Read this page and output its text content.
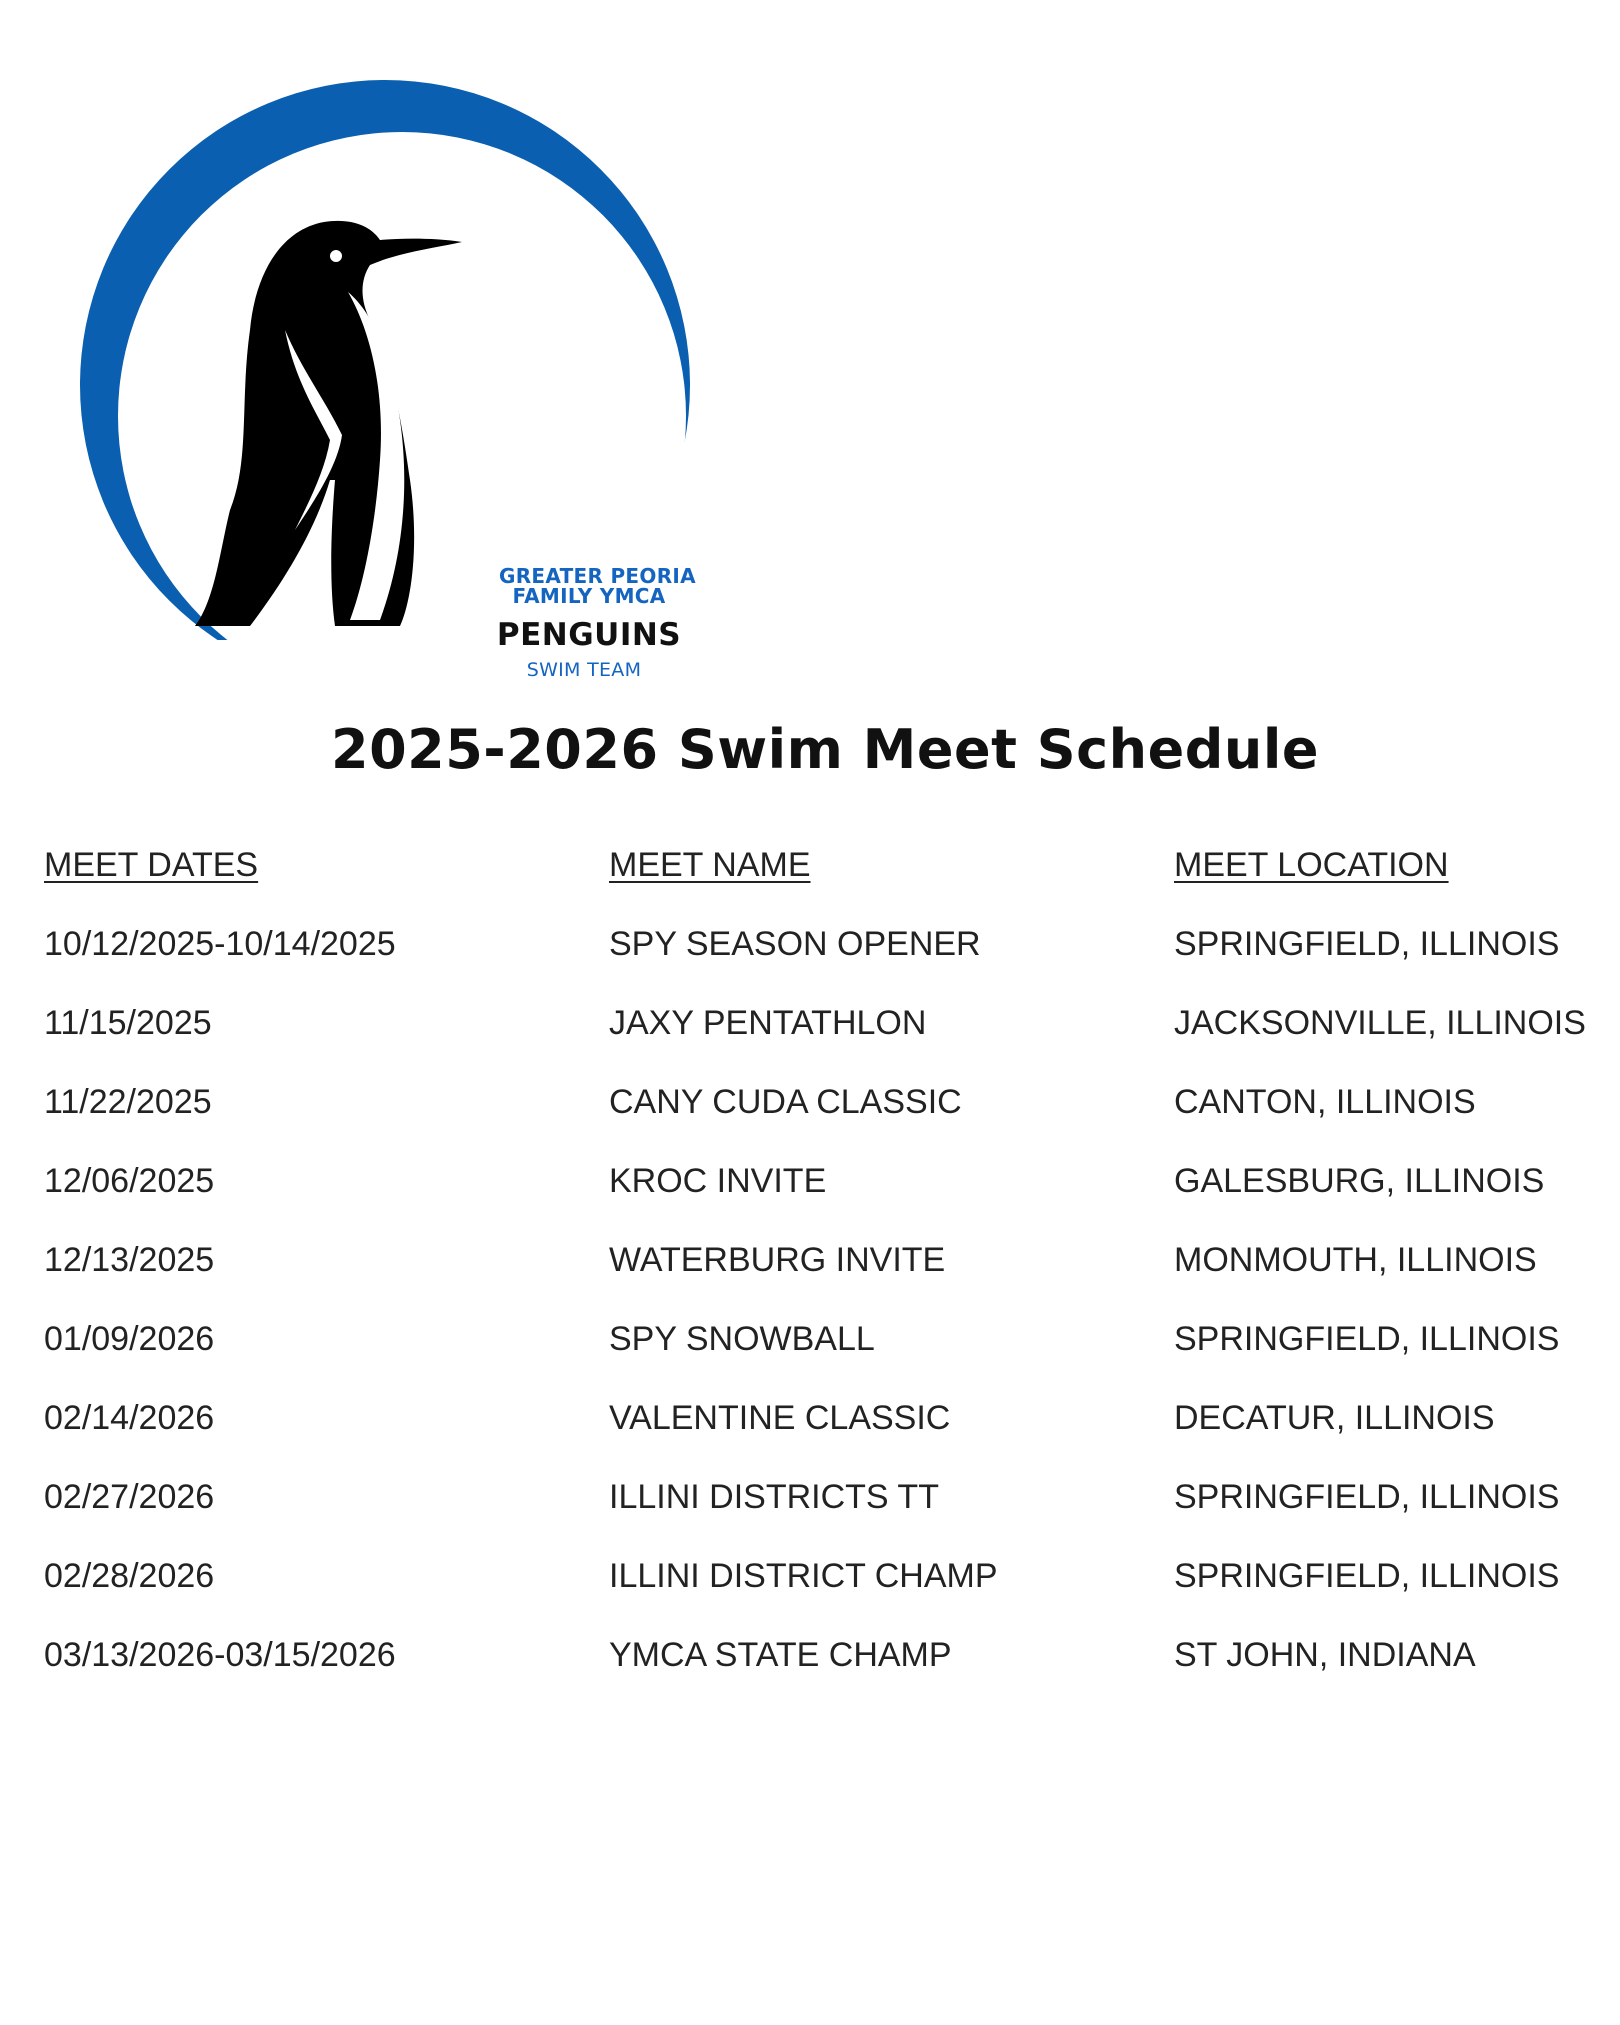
GREATER PEORIA
FAMILY YMCA
PENGUINS
SWIM TEAM
2025-2026 Swim Meet Schedule
MEET DATES	MEET NAME	MEET LOCATION
10/12/2025-10/14/2025	SPY SEASON OPENER	SPRINGFIELD, ILLINOIS
11/15/2025	JAXY PENTATHLON	JACKSONVILLE, ILLINOIS
11/22/2025	CANY CUDA CLASSIC	CANTON, ILLINOIS
12/06/2025	KROC INVITE	GALESBURG, ILLINOIS
12/13/2025	WATERBURG INVITE	MONMOUTH, ILLINOIS
01/09/2026	SPY SNOWBALL	SPRINGFIELD, ILLINOIS
02/14/2026	VALENTINE CLASSIC	DECATUR, ILLINOIS
02/27/2026	ILLINI DISTRICTS TT	SPRINGFIELD, ILLINOIS
02/28/2026	ILLINI DISTRICT CHAMP	SPRINGFIELD, ILLINOIS
03/13/2026-03/15/2026	YMCA STATE CHAMP	ST JOHN, INDIANA
